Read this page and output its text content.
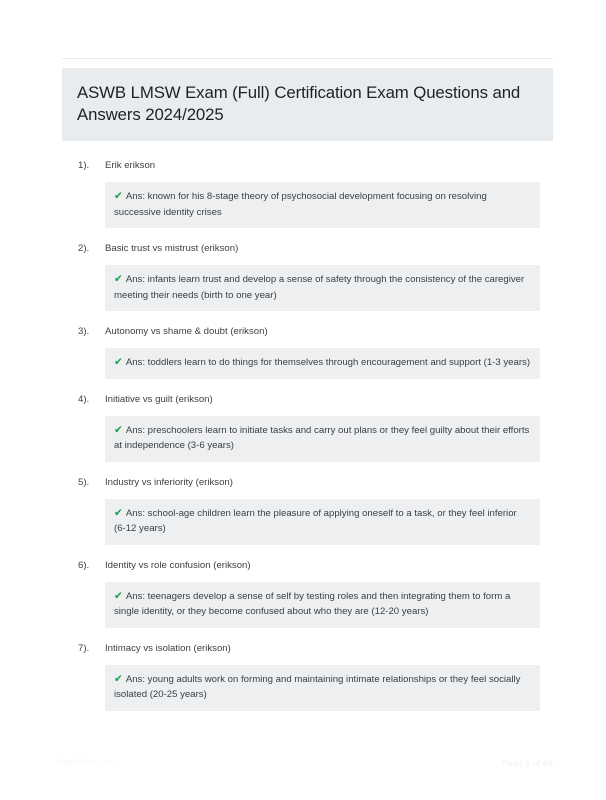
ASWB LMSW Exam (Full) Certification Exam Questions and Answers 2024/2025
1).	Erik erikson
✔ Ans: known for his 8-stage theory of psychosocial development focusing on resolving successive identity crises
2).	Basic trust vs mistrust (erikson)
✔ Ans: infants learn trust and develop a sense of safety through the consistency of the caregiver meeting their needs (birth to one year)
3).	Autonomy vs shame & doubt (erikson)
✔ Ans: toddlers learn to do things for themselves through encouragement and support (1-3 years)
4).	Initiative vs guilt (erikson)
✔ Ans: preschoolers learn to initiate tasks and carry out plans or they feel guilty about their efforts at independence (3-6 years)
5).	Industry vs inferiority (erikson)
✔ Ans: school-age children learn the pleasure of applying oneself to a task, or they feel inferior (6-12 years)
6).	Identity vs role confusion (erikson)
✔ Ans: teenagers develop a sense of self by testing roles and then integrating them to form a single identity, or they become confused about who they are (12-20 years)
7).	Intimacy vs isolation (erikson)
✔ Ans: young adults work on forming and maintaining intimate relationships or they feel socially isolated (20-25 years)
PaperStoc.com	Page 1 of 66
